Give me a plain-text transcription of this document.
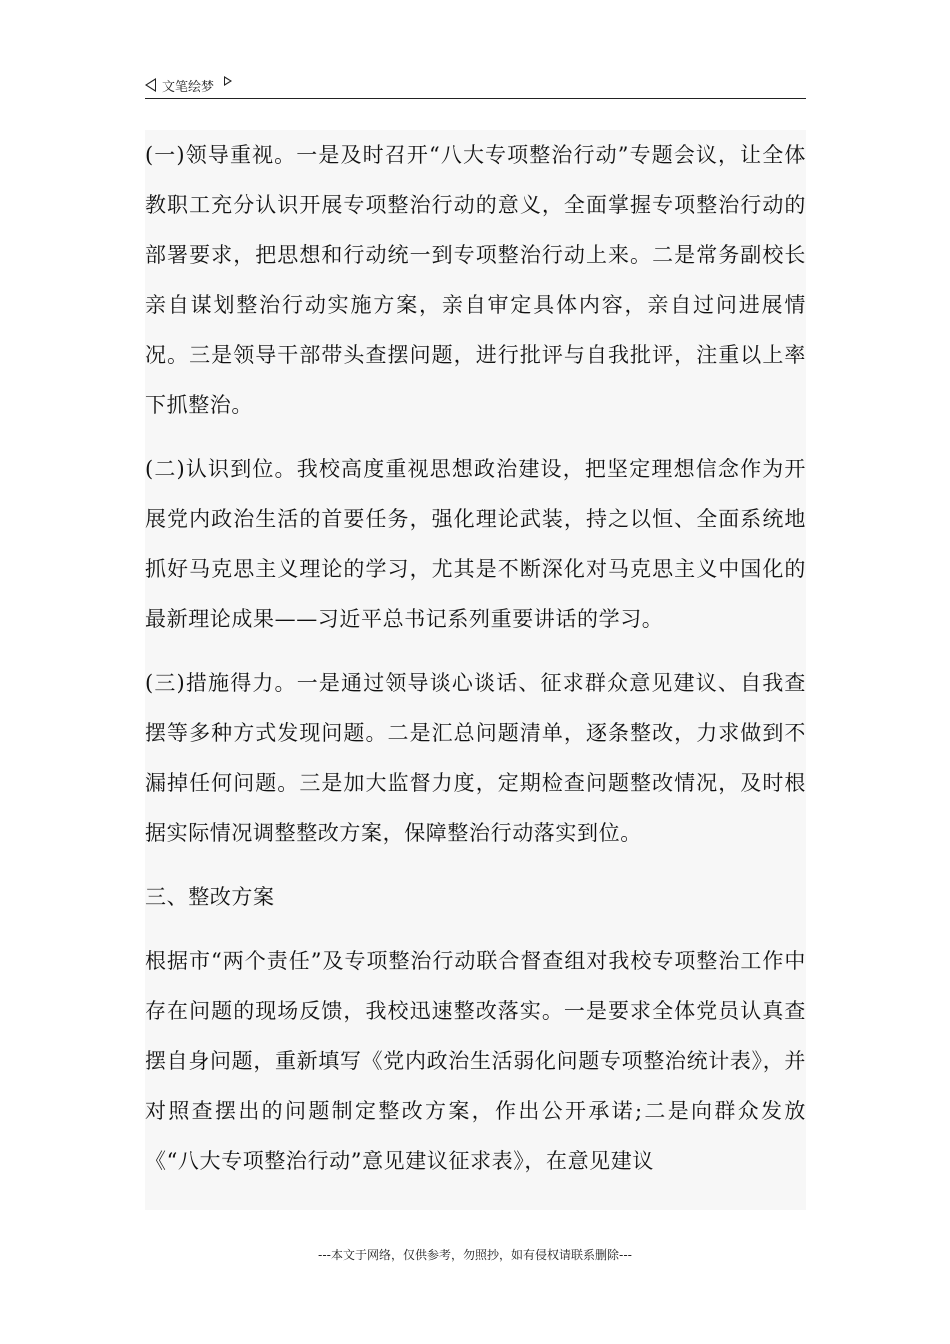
文笔绘梦

(一)领导重视。一是及时召开“八大专项整治行动”专题会议，让全体教职工充分认识开展专项整治行动的意义，全面掌握专项整治行动的部署要求，把思想和行动统一到专项整治行动上来。二是常务副校长亲自谋划整治行动实施方案，亲自审定具体内容，亲自过问进展情况。三是领导干部带头查摆问题，进行批评与自我批评，注重以上率下抓整治。

(二)认识到位。我校高度重视思想政治建设，把坚定理想信念作为开展党内政治生活的首要任务，强化理论武装，持之以恒、全面系统地抓好马克思主义理论的学习，尤其是不断深化对马克思主义中国化的最新理论成果——习近平总书记系列重要讲话的学习。

(三)措施得力。一是通过领导谈心谈话、征求群众意见建议、自我查摆等多种方式发现问题。二是汇总问题清单，逐条整改，力求做到不漏掉任何问题。三是加大监督力度，定期检查问题整改情况，及时根据实际情况调整整改方案，保障整治行动落实到位。

三、整改方案

根据市“两个责任”及专项整治行动联合督查组对我校专项整治工作中存在问题的现场反馈，我校迅速整改落实。一是要求全体党员认真查摆自身问题，重新填写《党内政治生活弱化问题专项整治统计表》，并对照查摆出的问题制定整改方案，作出公开承诺;二是向群众发放《“八大专项整治行动”意见建议征求表》，在意见建议

---本文于网络，仅供参考，勿照抄，如有侵权请联系删除---
